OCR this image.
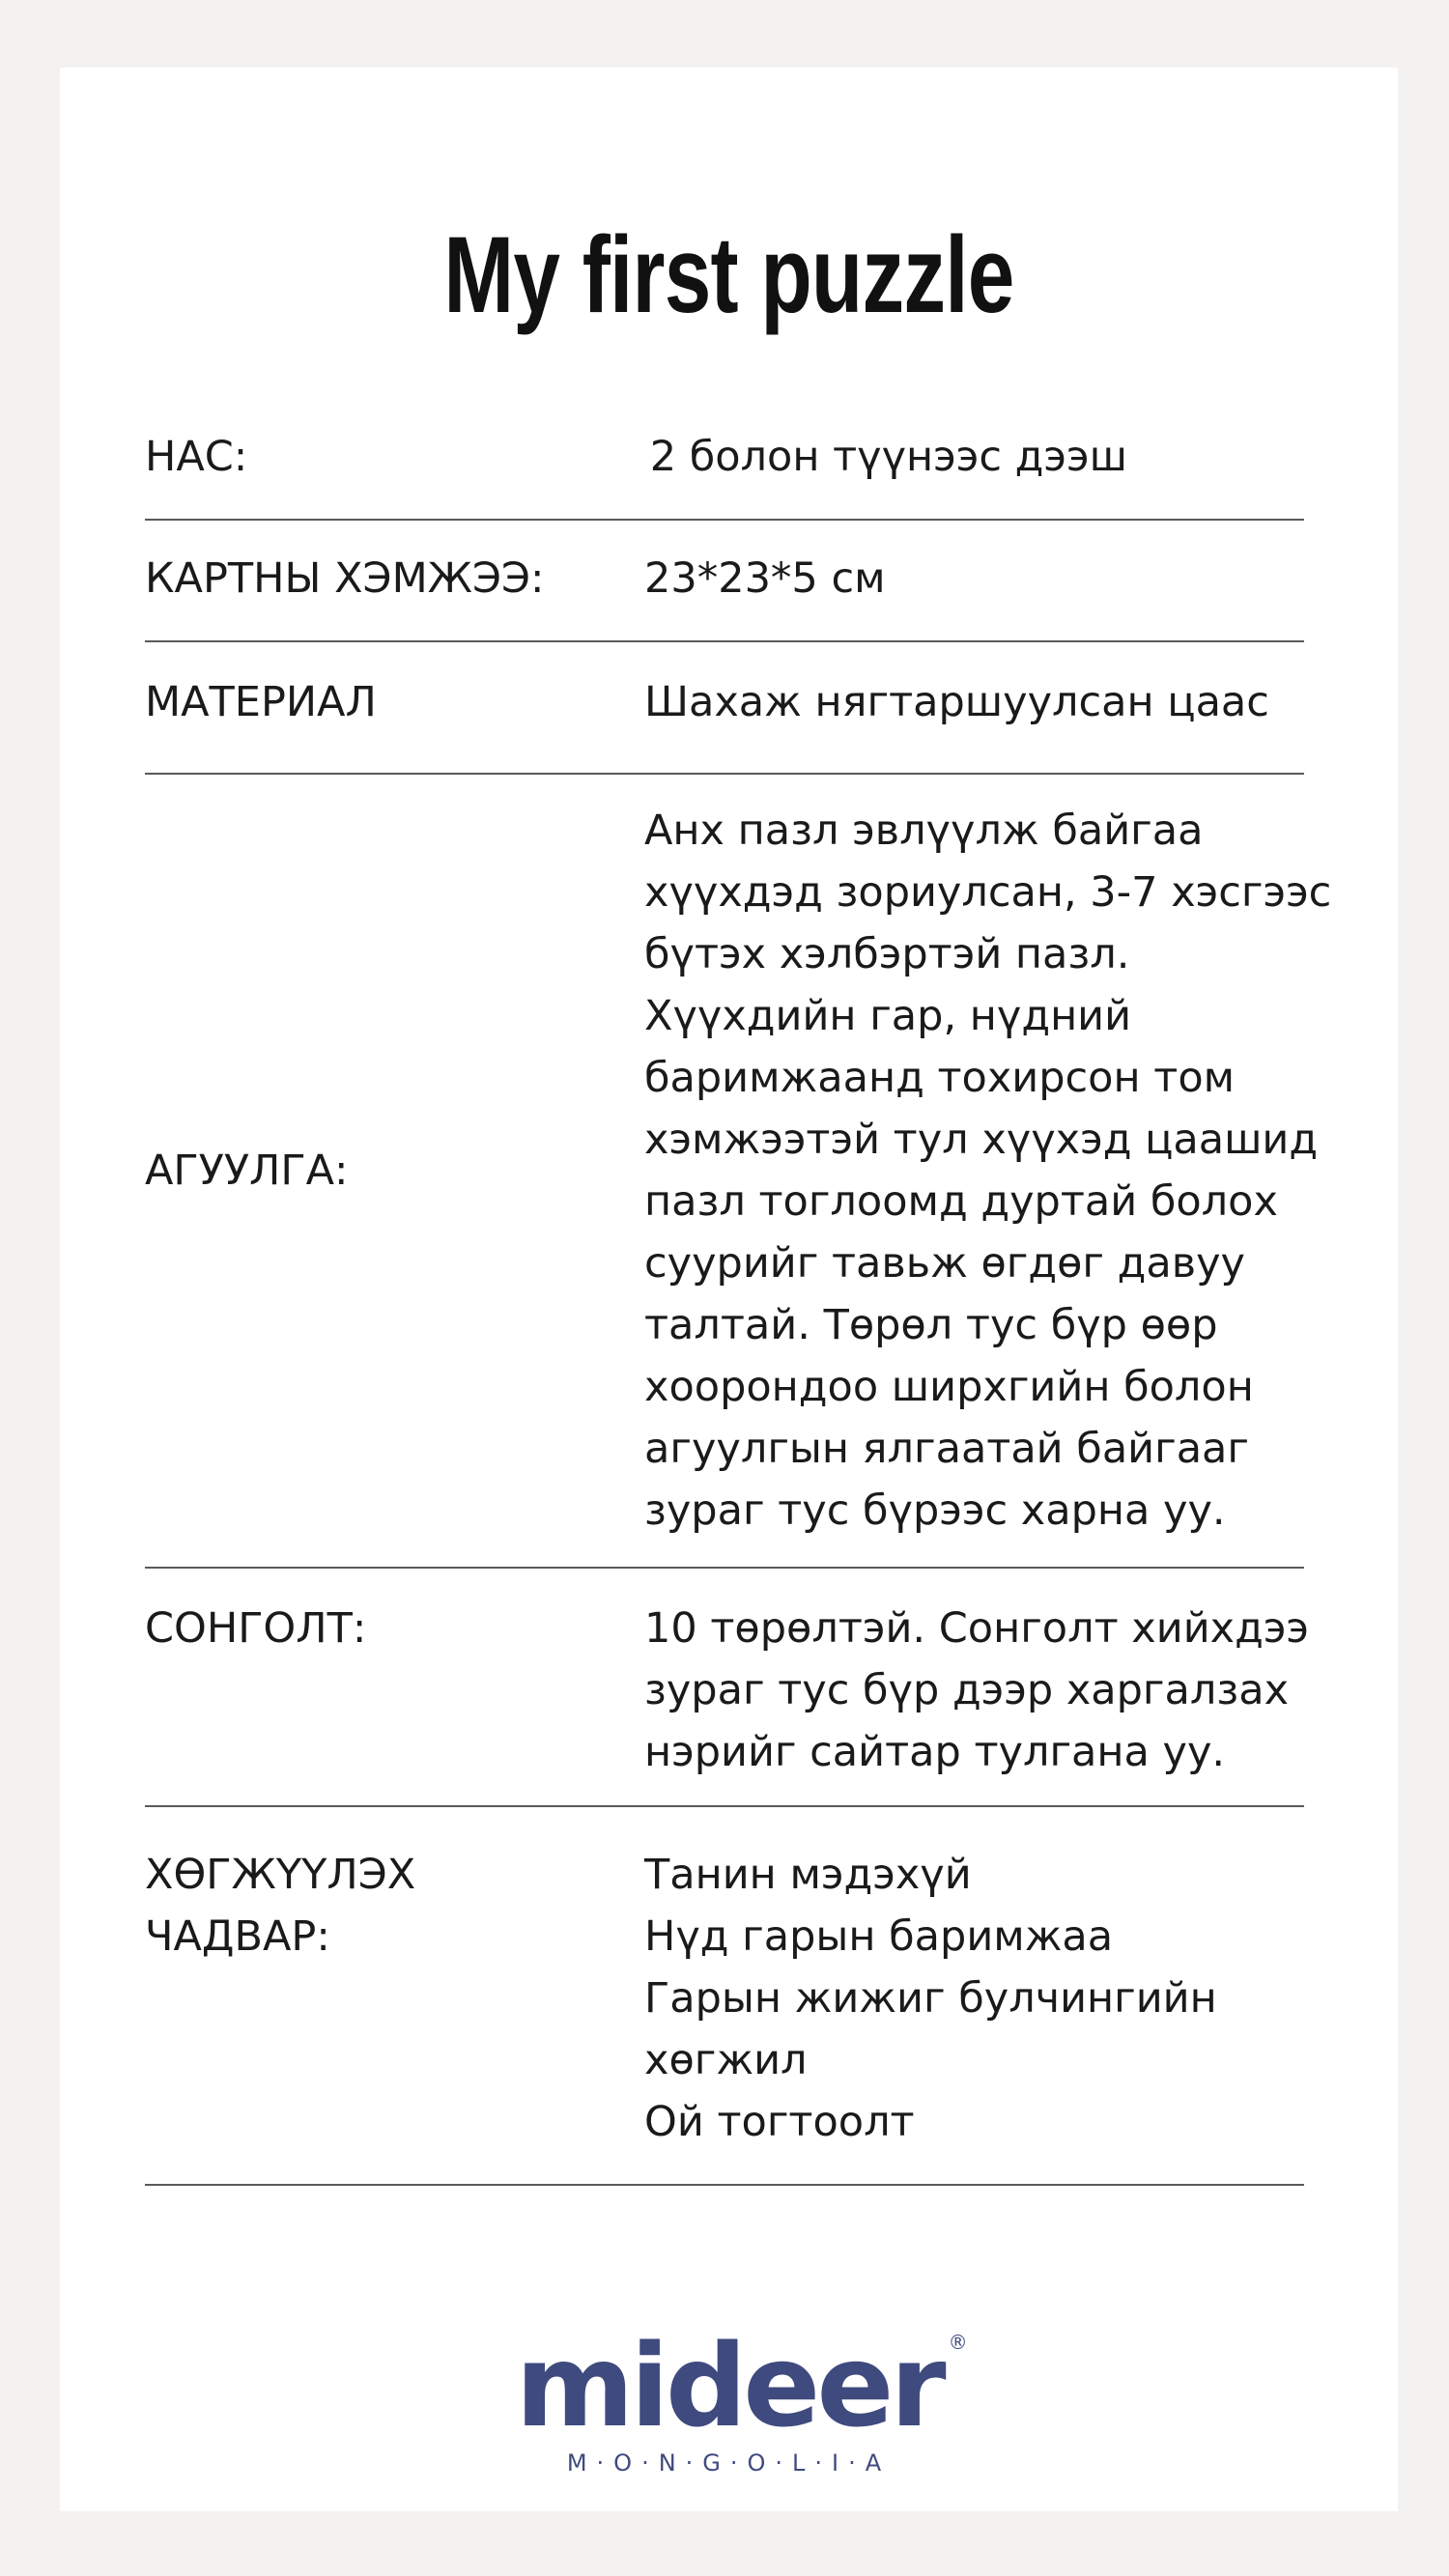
My first puzzle
НАС:	2 болон түүнээс дээш
КАРТНЫ ХЭМЖЭЭ:	23*23*5 см
МАТЕРИАЛ	Шахаж нягтаршуулсан цаас
АГУУЛГА:
Анх пазл эвлүүлж байгаа
хүүхдэд зориулсан, 3-7 хэсгээс
бүтэх хэлбэртэй пазл.
Хүүхдийн гар, нүдний
баримжаанд тохирсон том
хэмжээтэй тул хүүхэд цаашид
пазл тоглоомд дуртай болох
суурийг тавьж өгдөг давуу
талтай. Төрөл тус бүр өөр
хоорондоо ширхгийн болон
агуулгын ялгаатай байгааг
зураг тус бүрээс харна уу.
СОНГОЛТ:	10 төрөлтэй. Сонголт хийхдээ
зураг тус бүр дээр харгалзах
нэрийг сайтар тулгана уу.
ХӨГЖҮҮЛЭХ
ЧАДВАР:
Танин мэдэхүй
Нүд гарын баримжаа
Гарын жижиг булчингийн
хөгжил
Ой тогтоолт
mideer ®
M·O·N·G·O·L·I·A
